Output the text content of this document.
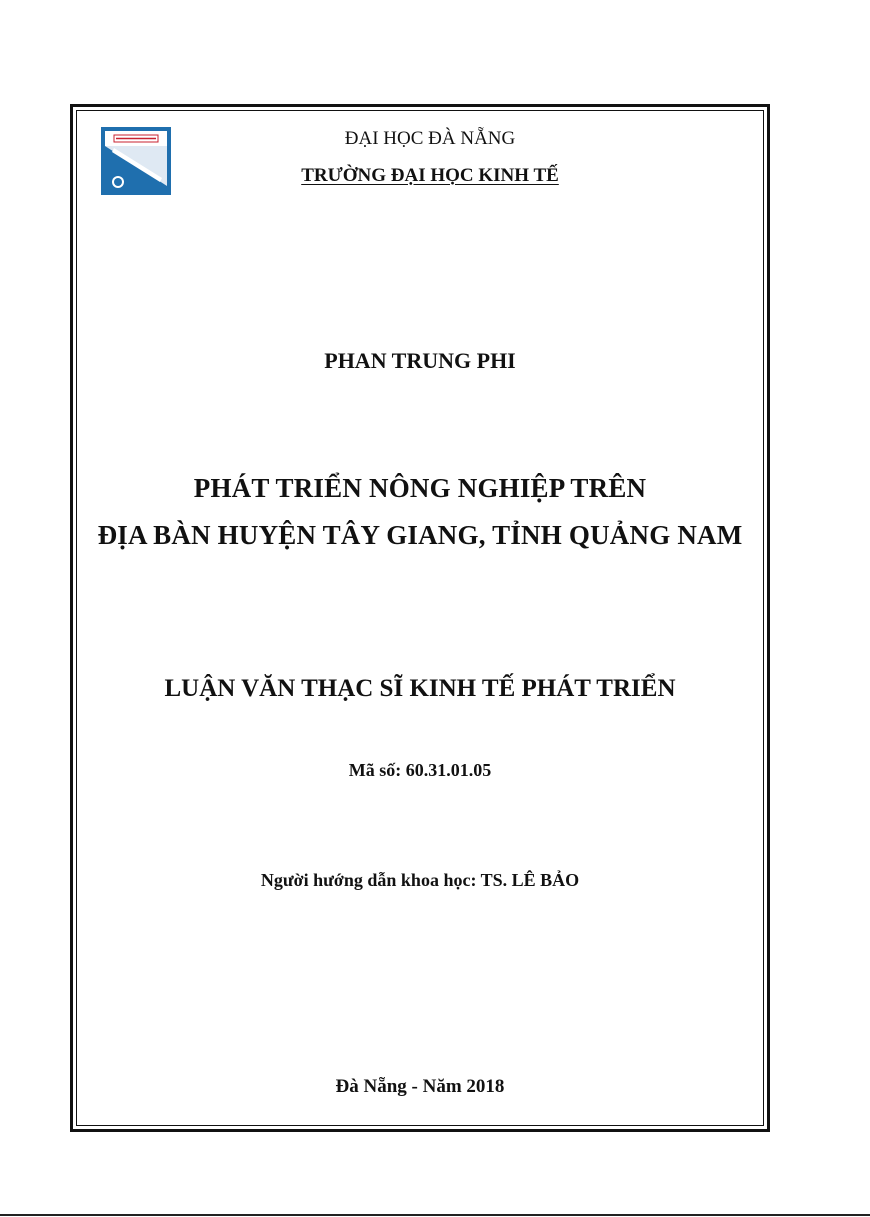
ĐẠI HỌC ĐÀ NẴNG
TRƯỜNG ĐẠI HỌC KINH TẾ
PHAN TRUNG PHI
PHÁT TRIỂN NÔNG NGHIỆP TRÊN
ĐỊA BÀN HUYỆN TÂY GIANG, TỈNH QUẢNG NAM
LUẬN VĂN THẠC SĨ KINH TẾ PHÁT TRIỂN
Mã số: 60.31.01.05
Người hướng dẫn khoa học: TS. LÊ BẢO
Đà Nẵng - Năm 2018
